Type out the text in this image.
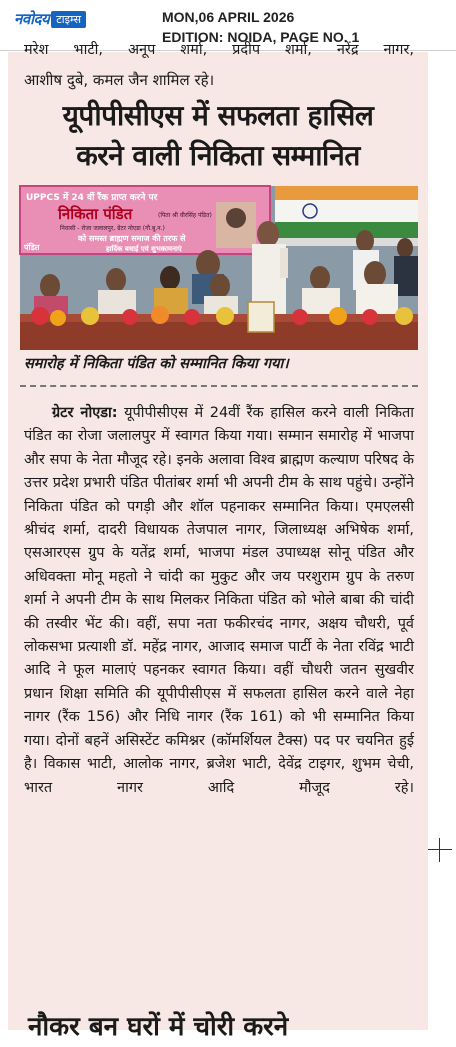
नवोदय टाइम्स	MON,06 APRIL 2026
EDITION: NOIDA, PAGE NO. 1
मरेश भाटी, अनूप शर्मा, प्रदीप शर्मा, नरेंद्र नागर,
आशीष दुबे, कमल जैन शामिल रहे।
यूपीपीसीएस में सफलता हासिल
करने वाली निकिता सम्मानित
UPPCS में 24 वीं रैंक प्राप्त करने पर
निकिता पंडित	(पिता श्री वीरसिंह पंडित)
निवासी - रोजा जलालपुर, ग्रेटर नोएडा (गौ.बु.न.)
को समस्त ब्राह्मण समाज की तरफ से
हार्दिक बधाई एवं शुभकामनाएं
पंडित
समारोह में निकिता पंडित को सम्मानित किया गया।

ग्रेटर नोएडा: यूपीपीसीएस में 24वीं रैंक हासिल करने वाली निकिता पंडित का रोजा जलालपुर में स्वागत किया गया। सम्मान समारोह में भाजपा और सपा के नेता मौजूद रहे। इनके अलावा विश्व ब्राह्मण कल्याण परिषद के उत्तर प्रदेश प्रभारी पंडित पीतांबर शर्मा भी अपनी टीम के साथ पहुंचे। उन्होंने निकिता पंडित को पगड़ी और शॉल पहनाकर सम्मानित किया। एमएलसी श्रीचंद शर्मा, दादरी विधायक तेजपाल नागर, जिलाध्यक्ष अभिषेक शर्मा, एसआरएस ग्रुप के यतेंद्र शर्मा, भाजपा मंडल उपाध्यक्ष सोनू पंडित और अधिवक्ता मोनू महतो ने चांदी का मुकुट और जय परशुराम ग्रुप के तरुण शर्मा ने अपनी टीम के साथ मिलकर निकिता पंडित को भोले बाबा की चांदी की तस्वीर भेंट की। वहीं, सपा नता फकीरचंद नागर, अक्षय चौधरी, पूर्व लोकसभा प्रत्याशी डॉ. महेंद्र नागर, आजाद समाज पार्टी के नेता रविंद्र भाटी आदि ने फूल मालाएं पहनकर स्वागत किया। वहीं चौधरी जतन सुखवीर प्रधान शिक्षा समिति की यूपीपीसीएस में सफलता हासिल करने वाले नेहा नागर (रैंक 156) और निधि नागर (रैंक 161) को भी सम्मानित किया गया। दोनों बहनें असिस्टेंट कमिश्नर (कॉमर्शियल टैक्स) पद पर चयनित हुई है। विकास भाटी, आलोक नागर, ब्रजेश भाटी, देवेंद्र टाइगर, शुभम चेची, भारत नागर आदि मौजूद रहे।

नौकर बन घरों में चोरी करने
